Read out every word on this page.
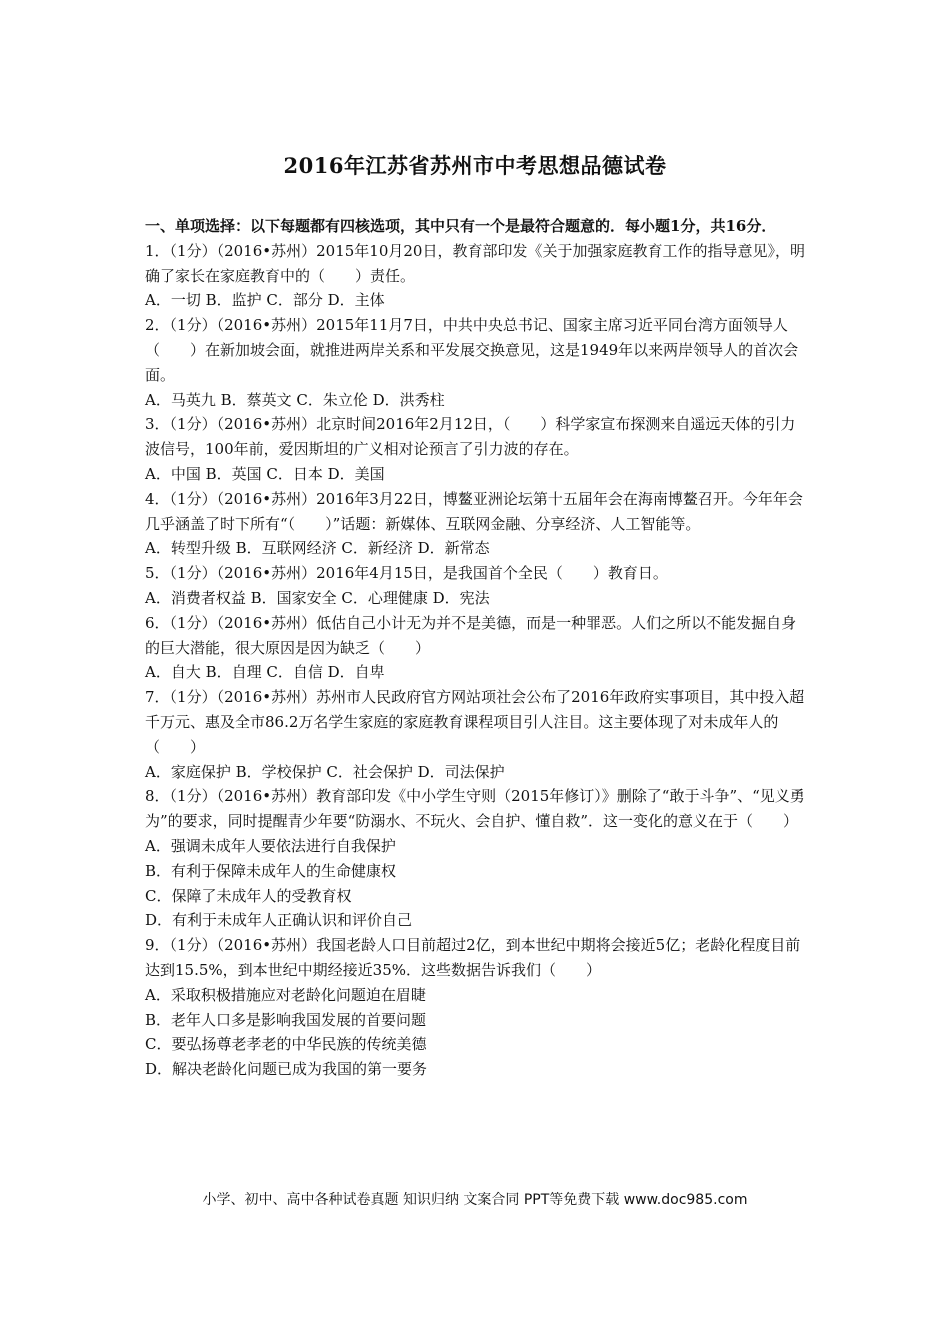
2016年江苏省苏州市中考思想品德试卷

一、单项选择：以下每题都有四核选项，其中只有一个是最符合题意的．每小题1分，共16分．

1．（1分）（2016•苏州）2015年10月20日，教育部印发《关于加强家庭教育工作的指导意见》，明确了家长在家庭教育中的（　　）责任。

A．一切 B．监护 C．部分 D．主体

2．（1分）（2016•苏州）2015年11月7日，中共中央总书记、国家主席习近平同台湾方面领导人（　　）在新加坡会面，就推进两岸关系和平发展交换意见，这是1949年以来两岸领导人的首次会面。

A．马英九 B．蔡英文 C．朱立伦 D．洪秀柱

3．（1分）（2016•苏州）北京时间2016年2月12日，（　　）科学家宣布探测来自遥远天体的引力波信号，100年前，爱因斯坦的广义相对论预言了引力波的存在。

A．中国 B．英国 C．日本 D．美国

4．（1分）（2016•苏州）2016年3月22日，博鳌亚洲论坛第十五届年会在海南博鳌召开。今年年会几乎涵盖了时下所有“（　　）”话题：新媒体、互联网金融、分享经济、人工智能等。

A．转型升级 B．互联网经济 C．新经济 D．新常态

5．（1分）（2016•苏州）2016年4月15日，是我国首个全民（　　）教育日。

A．消费者权益 B．国家安全 C．心理健康 D．宪法

6．（1分）（2016•苏州）低估自己小计无为并不是美德，而是一种罪恶。人们之所以不能发掘自身的巨大潜能，很大原因是因为缺乏（　　）

A．自大 B．自理 C．自信 D．自卑

7．（1分）（2016•苏州）苏州市人民政府官方网站项社会公布了2016年政府实事项目，其中投入超千万元、惠及全市86.2万名学生家庭的家庭教育课程项目引人注目。这主要体现了对未成年人的（　　）

A．家庭保护 B．学校保护 C．社会保护 D．司法保护

8．（1分）（2016•苏州）教育部印发《中小学生守则（2015年修订）》删除了“敢于斗争”、“见义勇为”的要求，同时提醒青少年要“防溺水、不玩火、会自护、懂自救”．这一变化的意义在于（　　）

A．强调未成年人要依法进行自我保护

B．有利于保障未成年人的生命健康权

C．保障了未成年人的受教育权

D．有利于未成年人正确认识和评价自己

9．（1分）（2016•苏州）我国老龄人口目前超过2亿，到本世纪中期将会接近5亿；老龄化程度目前达到15.5%，到本世纪中期经接近35%．这些数据告诉我们（　　）

A．采取积极措施应对老龄化问题迫在眉睫

B．老年人口多是影响我国发展的首要问题

C．要弘扬尊老孝老的中华民族的传统美德

D．解决老龄化问题已成为我国的第一要务

小学、初中、高中各种试卷真题 知识归纳 文案合同 PPT等免费下载 www.doc985.com
